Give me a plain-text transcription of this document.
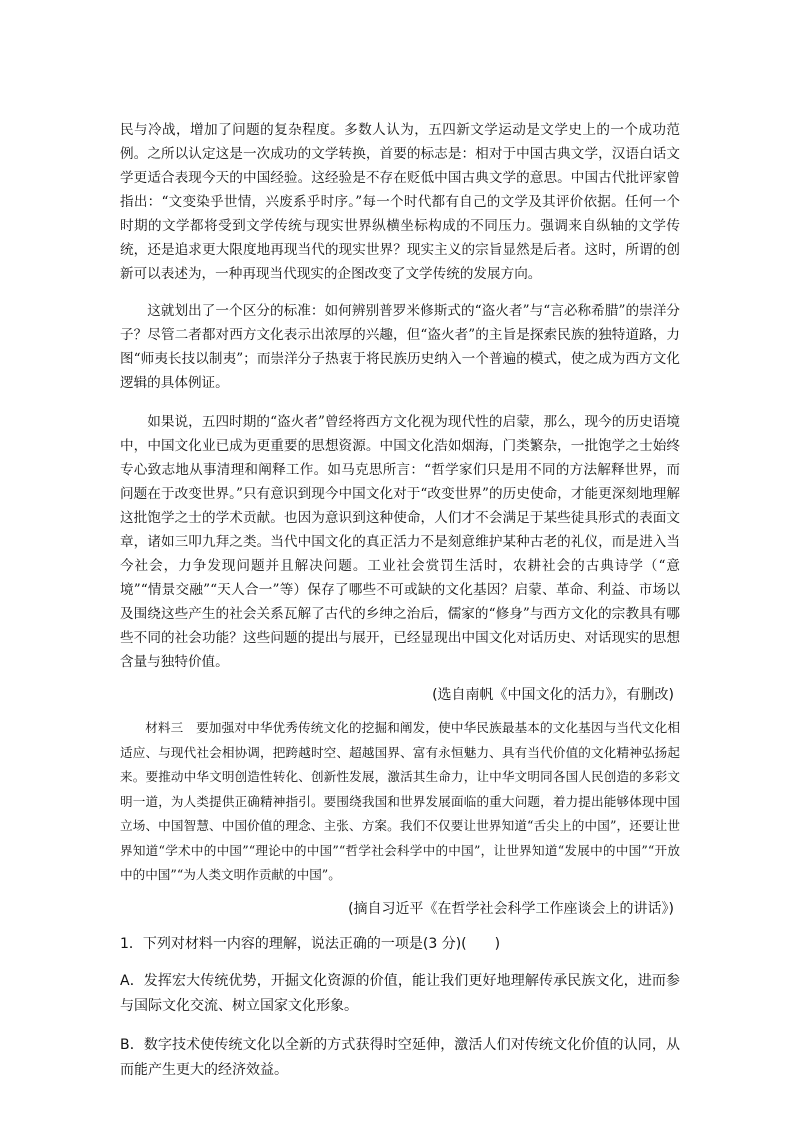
民与冷战，增加了问题的复杂程度。多数人认为，五四新文学运动是文学史上的一个成功范例。之所以认定这是一次成功的文学转换，首要的标志是：相对于中国古典文学，汉语白话文学更适合表现今天的中国经验。这经验是不存在贬低中国古典文学的意思。中国古代批评家曾指出：“文变染乎世情，兴废系乎时序。”每一个时代都有自己的文学及其评价依据。任何一个时期的文学都将受到文学传统与现实世界纵横坐标构成的不同压力。强调来自纵轴的文学传统，还是追求更大限度地再现当代的现实世界？现实主义的宗旨显然是后者。这时，所谓的创新可以表述为，一种再现当代现实的企图改变了文学传统的发展方向。

这就划出了一个区分的标准：如何辨别普罗米修斯式的“盗火者”与“言必称希腊”的崇洋分子？尽管二者都对西方文化表示出浓厚的兴趣，但“盗火者”的主旨是探索民族的独特道路，力图“师夷长技以制夷”；而崇洋分子热衷于将民族历史纳入一个普遍的模式，使之成为西方文化逻辑的具体例证。

如果说，五四时期的“盗火者”曾经将西方文化视为现代性的启蒙，那么，现今的历史语境中，中国文化业已成为更重要的思想资源。中国文化浩如烟海，门类繁杂，一批饱学之士始终专心致志地从事清理和阐释工作。如马克思所言：“哲学家们只是用不同的方法解释世界，而问题在于改变世界。”只有意识到现今中国文化对于“改变世界”的历史使命，才能更深刻地理解这批饱学之士的学术贡献。也因为意识到这种使命，人们才不会满足于某些徒具形式的表面文章，诸如三叩九拜之类。当代中国文化的真正活力不是刻意维护某种古老的礼仪，而是进入当今社会，力争发现问题并且解决问题。工业社会赏罚生活时，农耕社会的古典诗学（“意境”“情景交融”“天人合一”等）保存了哪些不可或缺的文化基因？启蒙、革命、利益、市场以及围绕这些产生的社会关系瓦解了古代的乡绅之治后，儒家的“修身”与西方文化的宗教具有哪些不同的社会功能？这些问题的提出与展开，已经显现出中国文化对话历史、对话现实的思想含量与独特价值。

(选自南帆《中国文化的活力》，有删改)

材料三　要加强对中华优秀传统文化的挖掘和阐发，使中华民族最基本的文化基因与当代文化相适应、与现代社会相协调，把跨越时空、超越国界、富有永恒魅力、具有当代价值的文化精神弘扬起来。要推动中华文明创造性转化、创新性发展，激活其生命力，让中华文明同各国人民创造的多彩文明一道，为人类提供正确精神指引。要围绕我国和世界发展面临的重大问题，着力提出能够体现中国立场、中国智慧、中国价值的理念、主张、方案。我们不仅要让世界知道“舌尖上的中国”，还要让世界知道“学术中的中国”“理论中的中国”“哲学社会科学中的中国”，让世界知道“发展中的中国”“开放中的中国”“为人类文明作贡献的中国”。

(摘自习近平《在哲学社会科学工作座谈会上的讲话》)

1．下列对材料一内容的理解，说法正确的一项是(3 分)(　　)

A．发挥宏大传统优势，开掘文化资源的价值，能让我们更好地理解传承民族文化，进而参与国际文化交流、树立国家文化形象。

B．数字技术使传统文化以全新的方式获得时空延伸，激活人们对传统文化价值的认同，从而能产生更大的经济效益。
